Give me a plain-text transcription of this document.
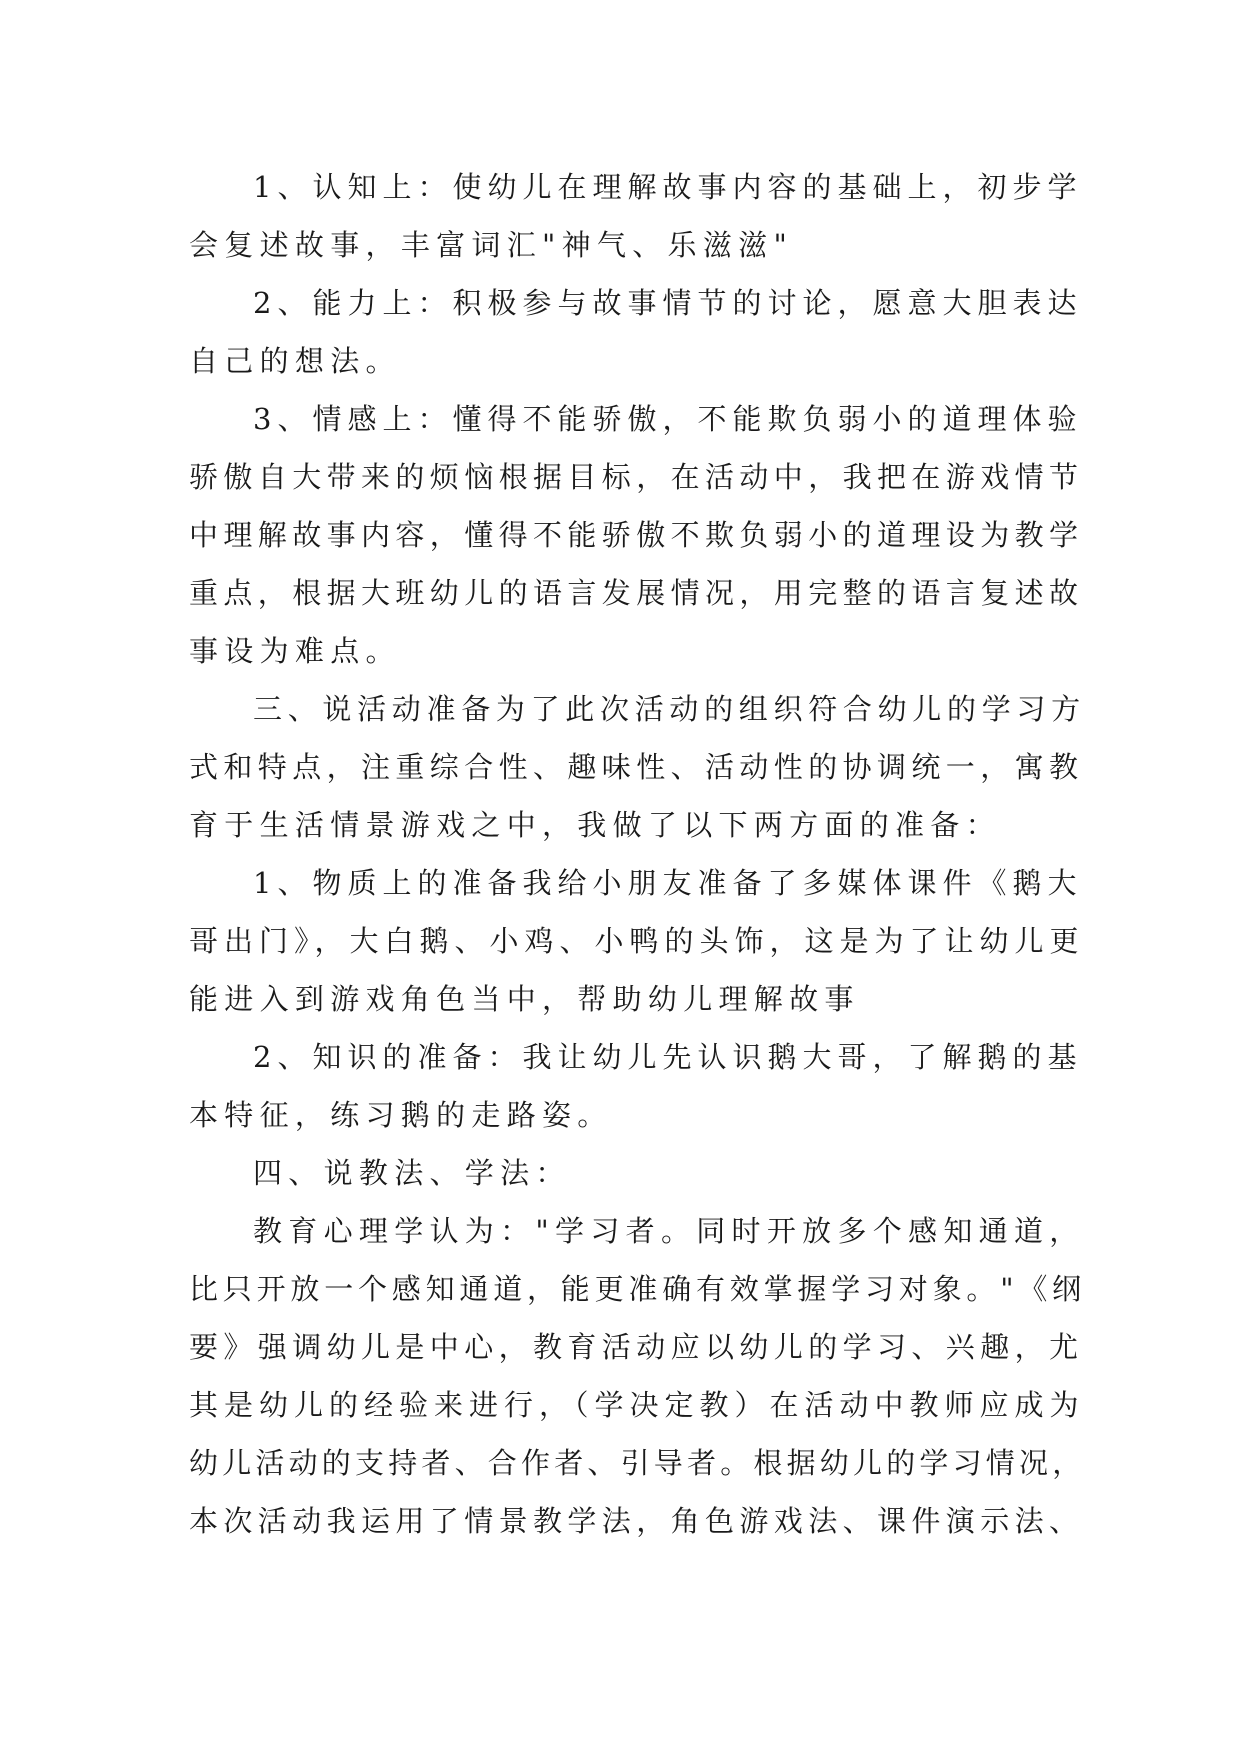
1、认知上：使幼儿在理解故事内容的基础上，初步学
会复述故事，丰富词汇"神气、乐滋滋"
2、能力上：积极参与故事情节的讨论，愿意大胆表达
自己的想法。
3、情感上：懂得不能骄傲，不能欺负弱小的道理体验
骄傲自大带来的烦恼根据目标，在活动中，我把在游戏情节
中理解故事内容，懂得不能骄傲不欺负弱小的道理设为教学
重点，根据大班幼儿的语言发展情况，用完整的语言复述故
事设为难点。
三、说活动准备为了此次活动的组织符合幼儿的学习方
式和特点，注重综合性、趣味性、活动性的协调统一，寓教
育于生活情景游戏之中，我做了以下两方面的准备：
1、物质上的准备我给小朋友准备了多媒体课件《鹅大
哥出门》，大白鹅、小鸡、小鸭的头饰，这是为了让幼儿更
能进入到游戏角色当中，帮助幼儿理解故事
2、知识的准备：我让幼儿先认识鹅大哥，了解鹅的基
本特征，练习鹅的走路姿。
四、说教法、学法：
教育心理学认为："学习者。同时开放多个感知通道，
比只开放一个感知通道，能更准确有效掌握学习对象。"《纲
要》强调幼儿是中心，教育活动应以幼儿的学习、兴趣，尤
其是幼儿的经验来进行，（学决定教）在活动中教师应成为
幼儿活动的支持者、合作者、引导者。根据幼儿的学习情况，
本次活动我运用了情景教学法，角色游戏法、课件演示法、
